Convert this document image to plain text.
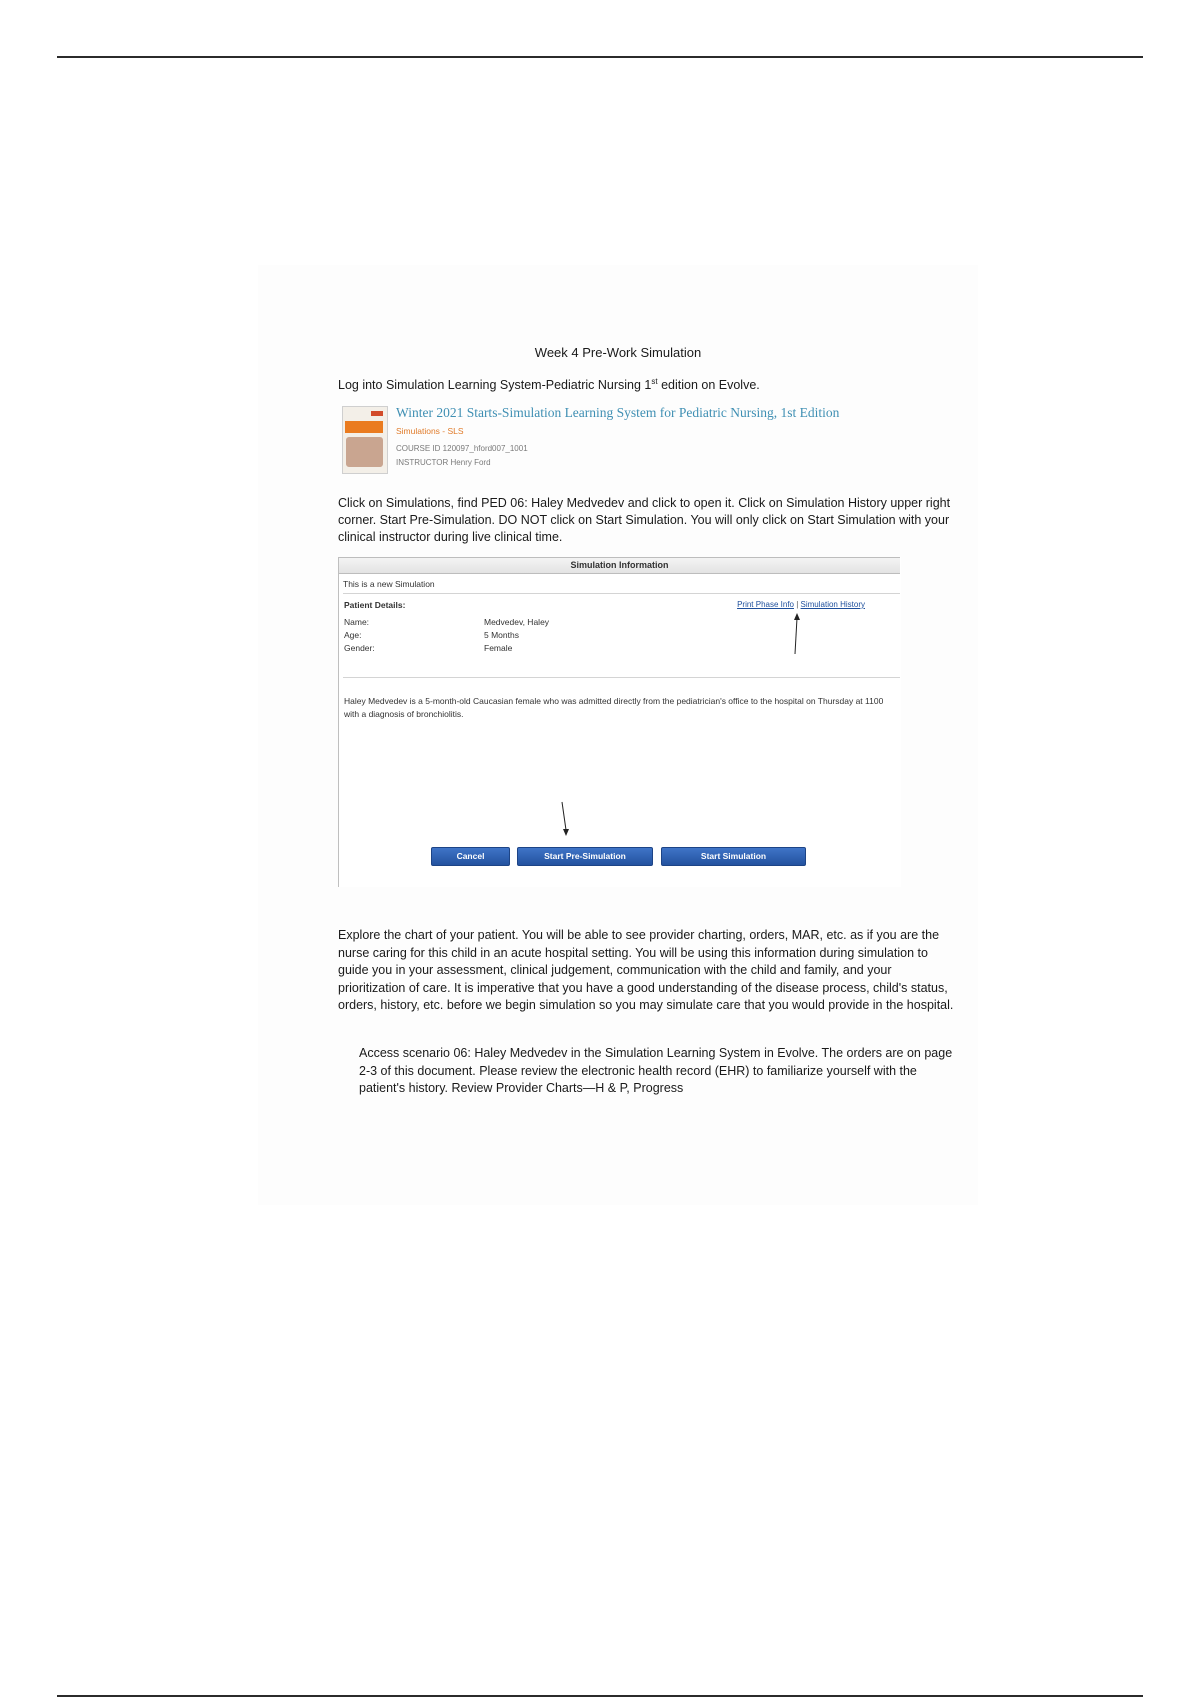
Week 4 Pre-Work Simulation
Log into Simulation Learning System-Pediatric Nursing 1st edition on Evolve.
Winter 2021 Starts-Simulation Learning System for Pediatric Nursing, 1st Edition
Simulations - SLS
COURSE ID 120097_hford007_1001
INSTRUCTOR Henry Ford
Click on Simulations, find PED 06: Haley Medvedev and click to open it. Click on Simulation History upper right corner. Start Pre-Simulation. DO NOT click on Start Simulation. You will only click on Start Simulation with your clinical instructor during live clinical time.
Simulation Information
This is a new Simulation
Patient Details:	Print Phase Info | Simulation History
Name:	Medvedev, Haley
Age:	5 Months
Gender:	Female
Haley Medvedev is a 5-month-old Caucasian female who was admitted directly from the pediatrician's office to the hospital on Thursday at 1100 with a diagnosis of bronchiolitis.
Cancel	Start Pre-Simulation	Start Simulation
Explore the chart of your patient. You will be able to see provider charting, orders, MAR, etc. as if you are the nurse caring for this child in an acute hospital setting. You will be using this information during simulation to guide you in your assessment, clinical judgement, communication with the child and family, and your prioritization of care. It is imperative that you have a good understanding of the disease process, child's status, orders, history, etc. before we begin simulation so you may simulate care that you would provide in the hospital.
Access scenario 06: Haley Medvedev in the Simulation Learning System in Evolve. The orders are on page 2-3 of this document. Please review the electronic health record (EHR) to familiarize yourself with the patient's history. Review Provider Charts—H & P, Progress
